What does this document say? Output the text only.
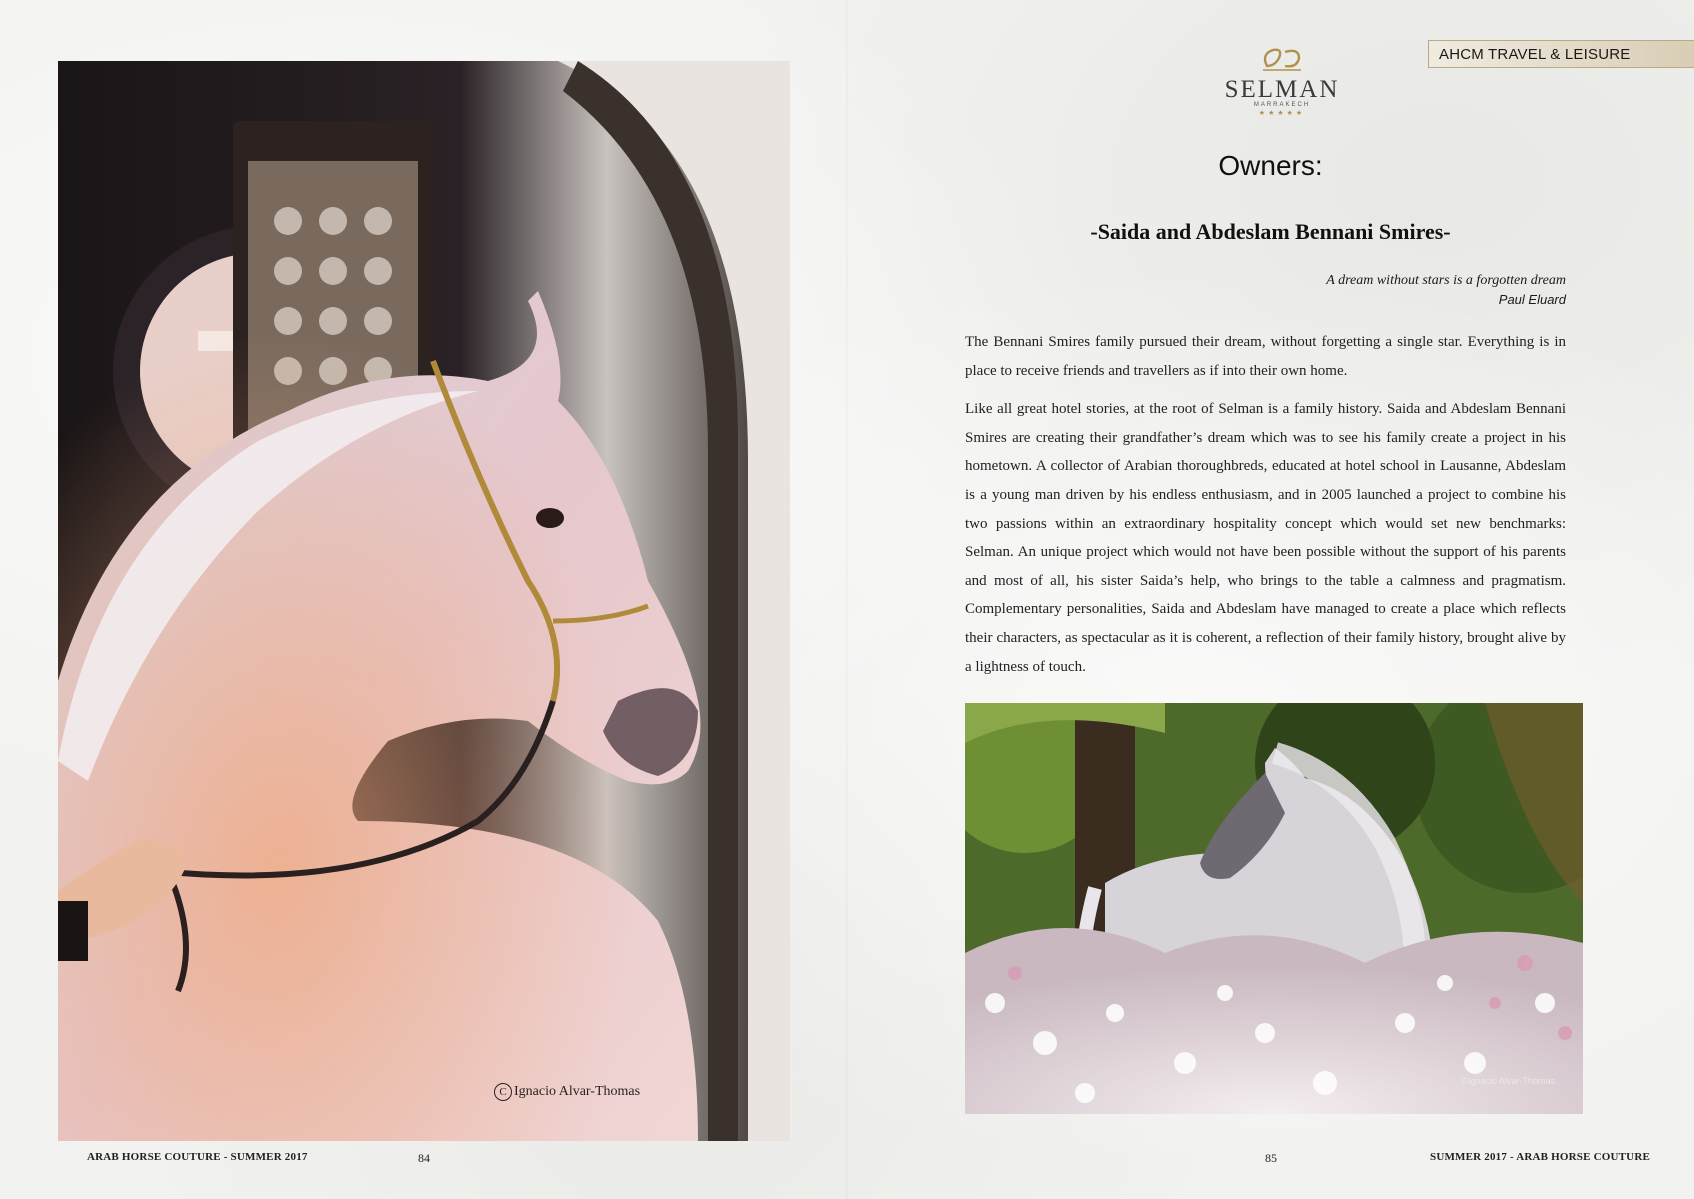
C Ignacio Alvar-Thomas
ARAB HORSE COUTURE - SUMMER 2017	84
AHCM TRAVEL & LEISURE
SELMAN
MARRAKECH
★★★★★
Owners:
-Saida and Abdeslam Bennani Smires-
A dream without stars is a forgotten dream
Paul Eluard

The Bennani Smires family pursued their dream, without forgetting a single star. Everything is in place to receive friends and travellers as if into their own home.

Like all great hotel stories, at the root of Selman is a family history. Saida and Abdeslam Bennani Smires are creating their grandfather’s dream which was to see his family create a project in his hometown. A collector of Arabian thoroughbreds, educated at hotel school in Lausanne, Abdeslam is a young man driven by his endless enthusiasm, and in 2005 launched a project to combine his two passions within an extraordinary hospitality concept which would set new benchmarks: Selman. An unique project which would not have been possible without the support of his parents and most of all, his sister Saida’s help, who brings to the table a calmness and pragmatism. Complementary personalities, Saida and Abdeslam have managed to create a place which reflects their characters, as spectacular as it is coherent, a reflection of their family history, brought alive by a lightness of touch.

©Ignacio Alvar-Thomas
85	SUMMER 2017 - ARAB HORSE COUTURE
